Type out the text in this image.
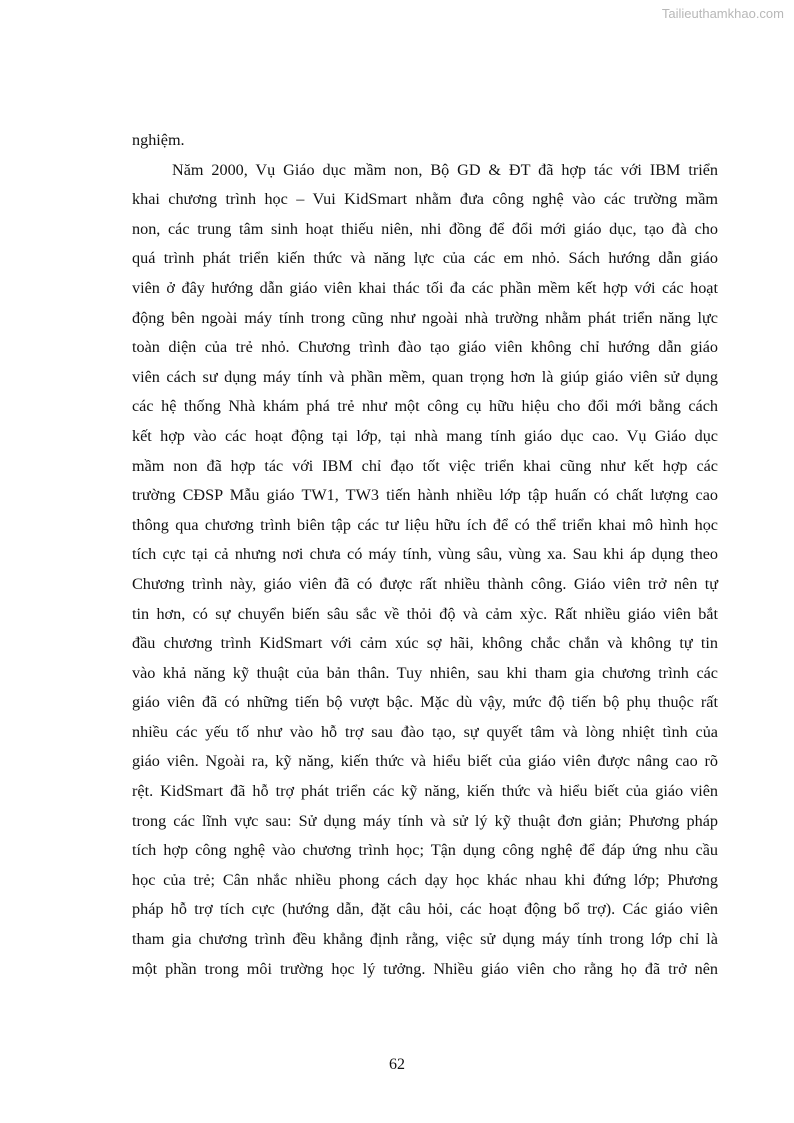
Tailieuthamkhao.com
nghiệm.
Năm 2000, Vụ Giáo dục mầm non, Bộ GD & ĐT đã hợp tác với IBM triển
khai chương trình học – Vui KidSmart nhằm đưa công nghệ vào các trường mầm
non, các trung tâm sinh hoạt thiếu niên, nhi đồng để đổi mới giáo dục, tạo đà cho
quá trình phát triển kiến thức và năng lực của các em nhỏ. Sách hướng dẫn giáo
viên ở đây hướng dẫn giáo viên khai thác tối đa các phần mềm kết hợp với các hoạt
động bên ngoài máy tính trong cũng như ngoài nhà trường nhằm phát triển năng lực
toàn diện của trẻ nhỏ. Chương trình đào tạo giáo viên không chỉ hướng dẫn giáo
viên cách sư dụng máy tính và phần mềm, quan trọng hơn là giúp giáo viên sử dụng
các hệ thống Nhà khám phá trẻ như một công cụ hữu hiệu cho đổi mới bằng cách
kết hợp vào các hoạt động tại lớp, tại nhà mang tính giáo dục cao. Vụ Giáo dục
mầm non đã hợp tác với IBM chỉ đạo tốt việc triển khai cũng như kết hợp các
trường CĐSP Mẫu giáo TW1, TW3 tiến hành nhiều lớp tập huấn có chất lượng cao
thông qua chương trình biên tập các tư liệu hữu ích để có thể triển khai mô hình học
tích cực tại cả nhưng nơi chưa có máy tính, vùng sâu, vùng xa. Sau khi áp dụng theo
Chương trình này, giáo viên đã có được rất nhiều thành công. Giáo viên trở nên tự
tin hơn, có sự chuyển biến sâu sắc về thỏi độ và cảm xỳc. Rất nhiều giáo viên bắt
đầu chương trình KidSmart với cảm xúc sợ hãi, không chắc chắn và không tự tin
vào khả năng kỹ thuật của bản thân. Tuy nhiên, sau khi tham gia chương trình các
giáo viên đã có những tiến bộ vượt bậc. Mặc dù vậy, mức độ tiến bộ phụ thuộc rất
nhiều các yếu tố như vào hỗ trợ sau đào tạo, sự quyết tâm và lòng nhiệt tình của
giáo viên. Ngoài ra, kỹ năng, kiến thức và hiểu biết của giáo viên được nâng cao rõ
rệt. KidSmart đã hỗ trợ phát triển các kỹ năng, kiến thức và hiểu biết của giáo viên
trong các lĩnh vực sau: Sử dụng máy tính và sử lý kỹ thuật đơn giản; Phương pháp
tích hợp công nghệ vào chương trình học; Tận dụng công nghệ để đáp ứng nhu cầu
học của trẻ; Cân nhắc nhiều phong cách dạy học khác nhau khi đứng lớp; Phương
pháp hỗ trợ tích cực (hướng dẫn, đặt câu hỏi, các hoạt động bổ trợ). Các giáo viên
tham gia chương trình đều khẳng định rằng, việc sử dụng máy tính trong lớp chỉ là
một phần trong môi trường học lý tưởng. Nhiều giáo viên cho rằng họ đã trở nên
62
